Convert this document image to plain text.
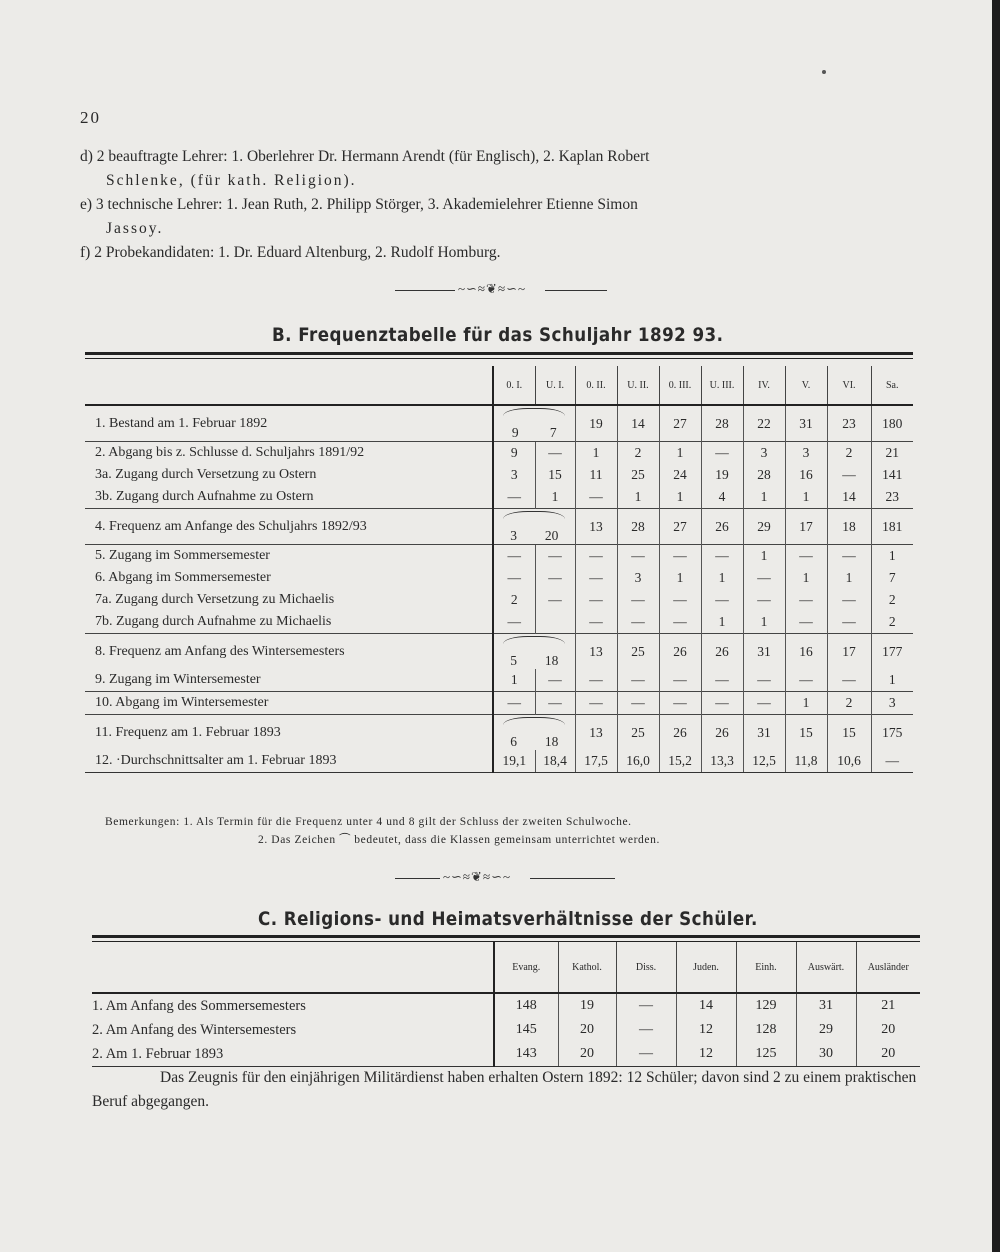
20

d) 2 beauftragte Lehrer: 1. Oberlehrer Dr. Hermann Arendt (für Englisch), 2. Kaplan Robert

Schlenke, (für kath. Religion).

e) 3 technische Lehrer: 1. Jean Ruth, 2. Philipp Störger, 3. Akademielehrer Etienne Simon

Jassoy.

f) 2 Probekandidaten: 1. Dr. Eduard Altenburg, 2. Rudolf Homburg.

~∽≈❦≈∽~
B. Frequenztabelle für das Schuljahr 1892 93.
	0. I.	U. I.	0. II.	U. II.	0. III.	U. III.	IV.	V.	VI.	Sa.
1. Bestand am 1. Februar 1892	9 7		19	14	27	28	22	31	23	180
2. Abgang bis z. Schlusse d. Schuljahrs 1891/92	9	—	1	2	1	—	3	3	2	21
3a. Zugang durch Versetzung zu Ostern	3	15	11	25	24	19	28	16	—	141
3b. Zugang durch Aufnahme zu Ostern	—	1	—	1	1	4	1	1	14	23
4. Frequenz am Anfange des Schuljahrs 1892/93	3 20		13	28	27	26	29	17	18	181
5. Zugang im Sommersemester	—	—	—	—	—	—	1	—	—	1
6. Abgang im Sommersemester	—	—	—	3	1	1	—	1	1	7
7a. Zugang durch Versetzung zu Michaelis	2	—	—	—	—	—	—	—	—	2
7b. Zugang durch Aufnahme zu Michaelis	—		—	—	—	1	1	—	—	2
8. Frequenz am Anfang des Wintersemesters	5 18		13	25	26	26	31	16	17	177
9. Zugang im Wintersemester	1	—	—	—	—	—	—	—	—	1
10. Abgang im Wintersemester	—	—	—	—	—	—	—	1	2	3
11. Frequenz am 1. Februar 1893	6 18		13	25	26	26	31	15	15	175
12. ·Durchschnittsalter am 1. Februar 1893	19,1	18,4	17,5	16,0	15,2	13,3	12,5	11,8	10,6	—
Bemerkungen: 1. Als Termin für die Frequenz unter 4 und 8 gilt der Schluss der zweiten Schulwoche.
2. Das Zeichen ⏜ bedeutet, dass die Klassen gemeinsam unterrichtet werden.
~∽≈❦≈∽~
C. Religions- und Heimatsverhältnisse der Schüler.
	Evang.	Kathol.	Diss.	Juden.	Einh.	Auswärt.	Ausländer
1. Am Anfang des Sommersemesters	148	19	—	14	129	31	21
2. Am Anfang des Wintersemesters	145	20	—	12	128	29	20
2. Am 1. Februar 1893	143	20	—	12	125	30	20

Das Zeugnis für den einjährigen Militärdienst haben erhalten Ostern 1892: 12 Schüler; davon sind 2 zu einem praktischen Beruf abgegangen.
